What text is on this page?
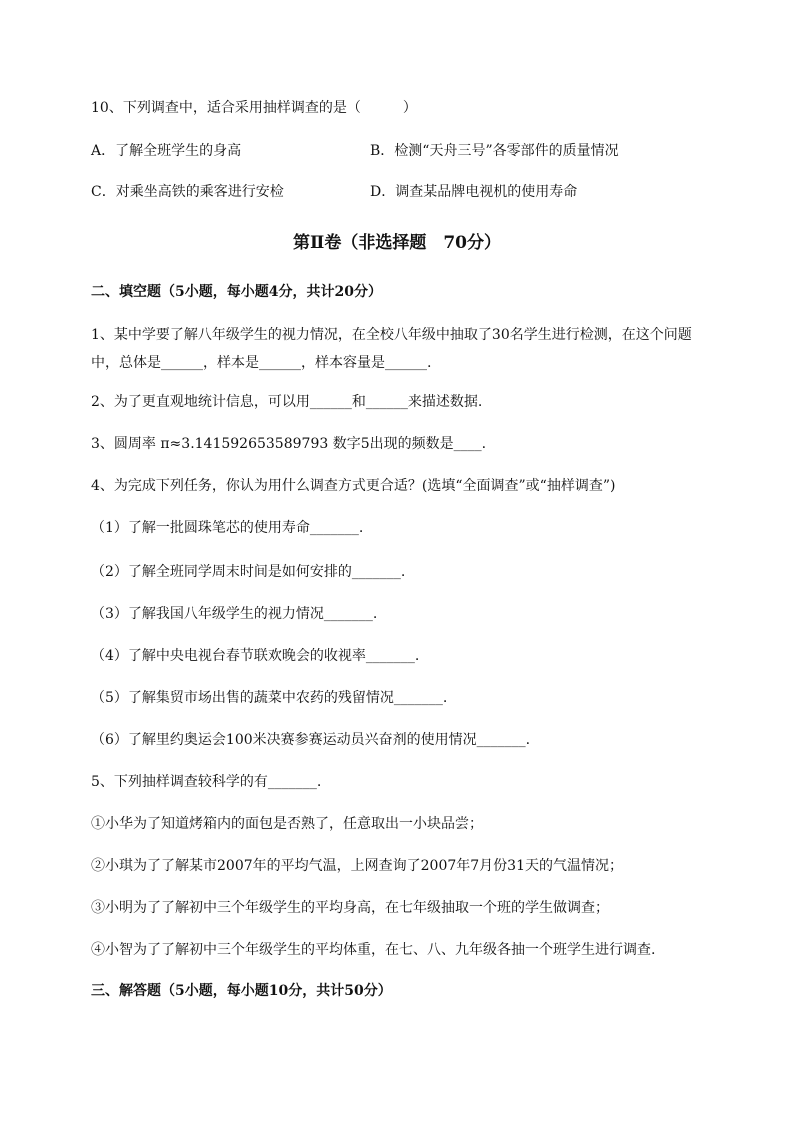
10、下列调查中，适合采用抽样调查的是（　　　）
A．了解全班学生的身高	B．检测“天舟三号”各零部件的质量情况
C．对乘坐高铁的乘客进行安检	D．调查某品牌电视机的使用寿命
第Ⅱ卷（非选择题　70分）
二、填空题（5小题，每小题4分，共计20分）
1、某中学要了解八年级学生的视力情况，在全校八年级中抽取了30名学生进行检测，在这个问题中，总体是______，样本是______，样本容量是______.
2、为了更直观地统计信息，可以用______和______来描述数据.
3、圆周率 π≈3.141592653589793 数字5出现的频数是____.
4、为完成下列任务，你认为用什么调查方式更合适？(选填“全面调查”或“抽样调查”)
（1）了解一批圆珠笔芯的使用寿命_______.
（2）了解全班同学周末时间是如何安排的_______.
（3）了解我国八年级学生的视力情况_______.
（4）了解中央电视台春节联欢晚会的收视率_______.
（5）了解集贸市场出售的蔬菜中农药的残留情况_______.
（6）了解里约奥运会100米决赛参赛运动员兴奋剂的使用情况_______.
5、下列抽样调查较科学的有_______.
①小华为了知道烤箱内的面包是否熟了，任意取出一小块品尝；
②小琪为了了解某市2007年的平均气温，上网查询了2007年7月份31天的气温情况；
③小明为了了解初中三个年级学生的平均身高，在七年级抽取一个班的学生做调查；
④小智为了了解初中三个年级学生的平均体重，在七、八、九年级各抽一个班学生进行调查.
三、解答题（5小题，每小题10分，共计50分）
